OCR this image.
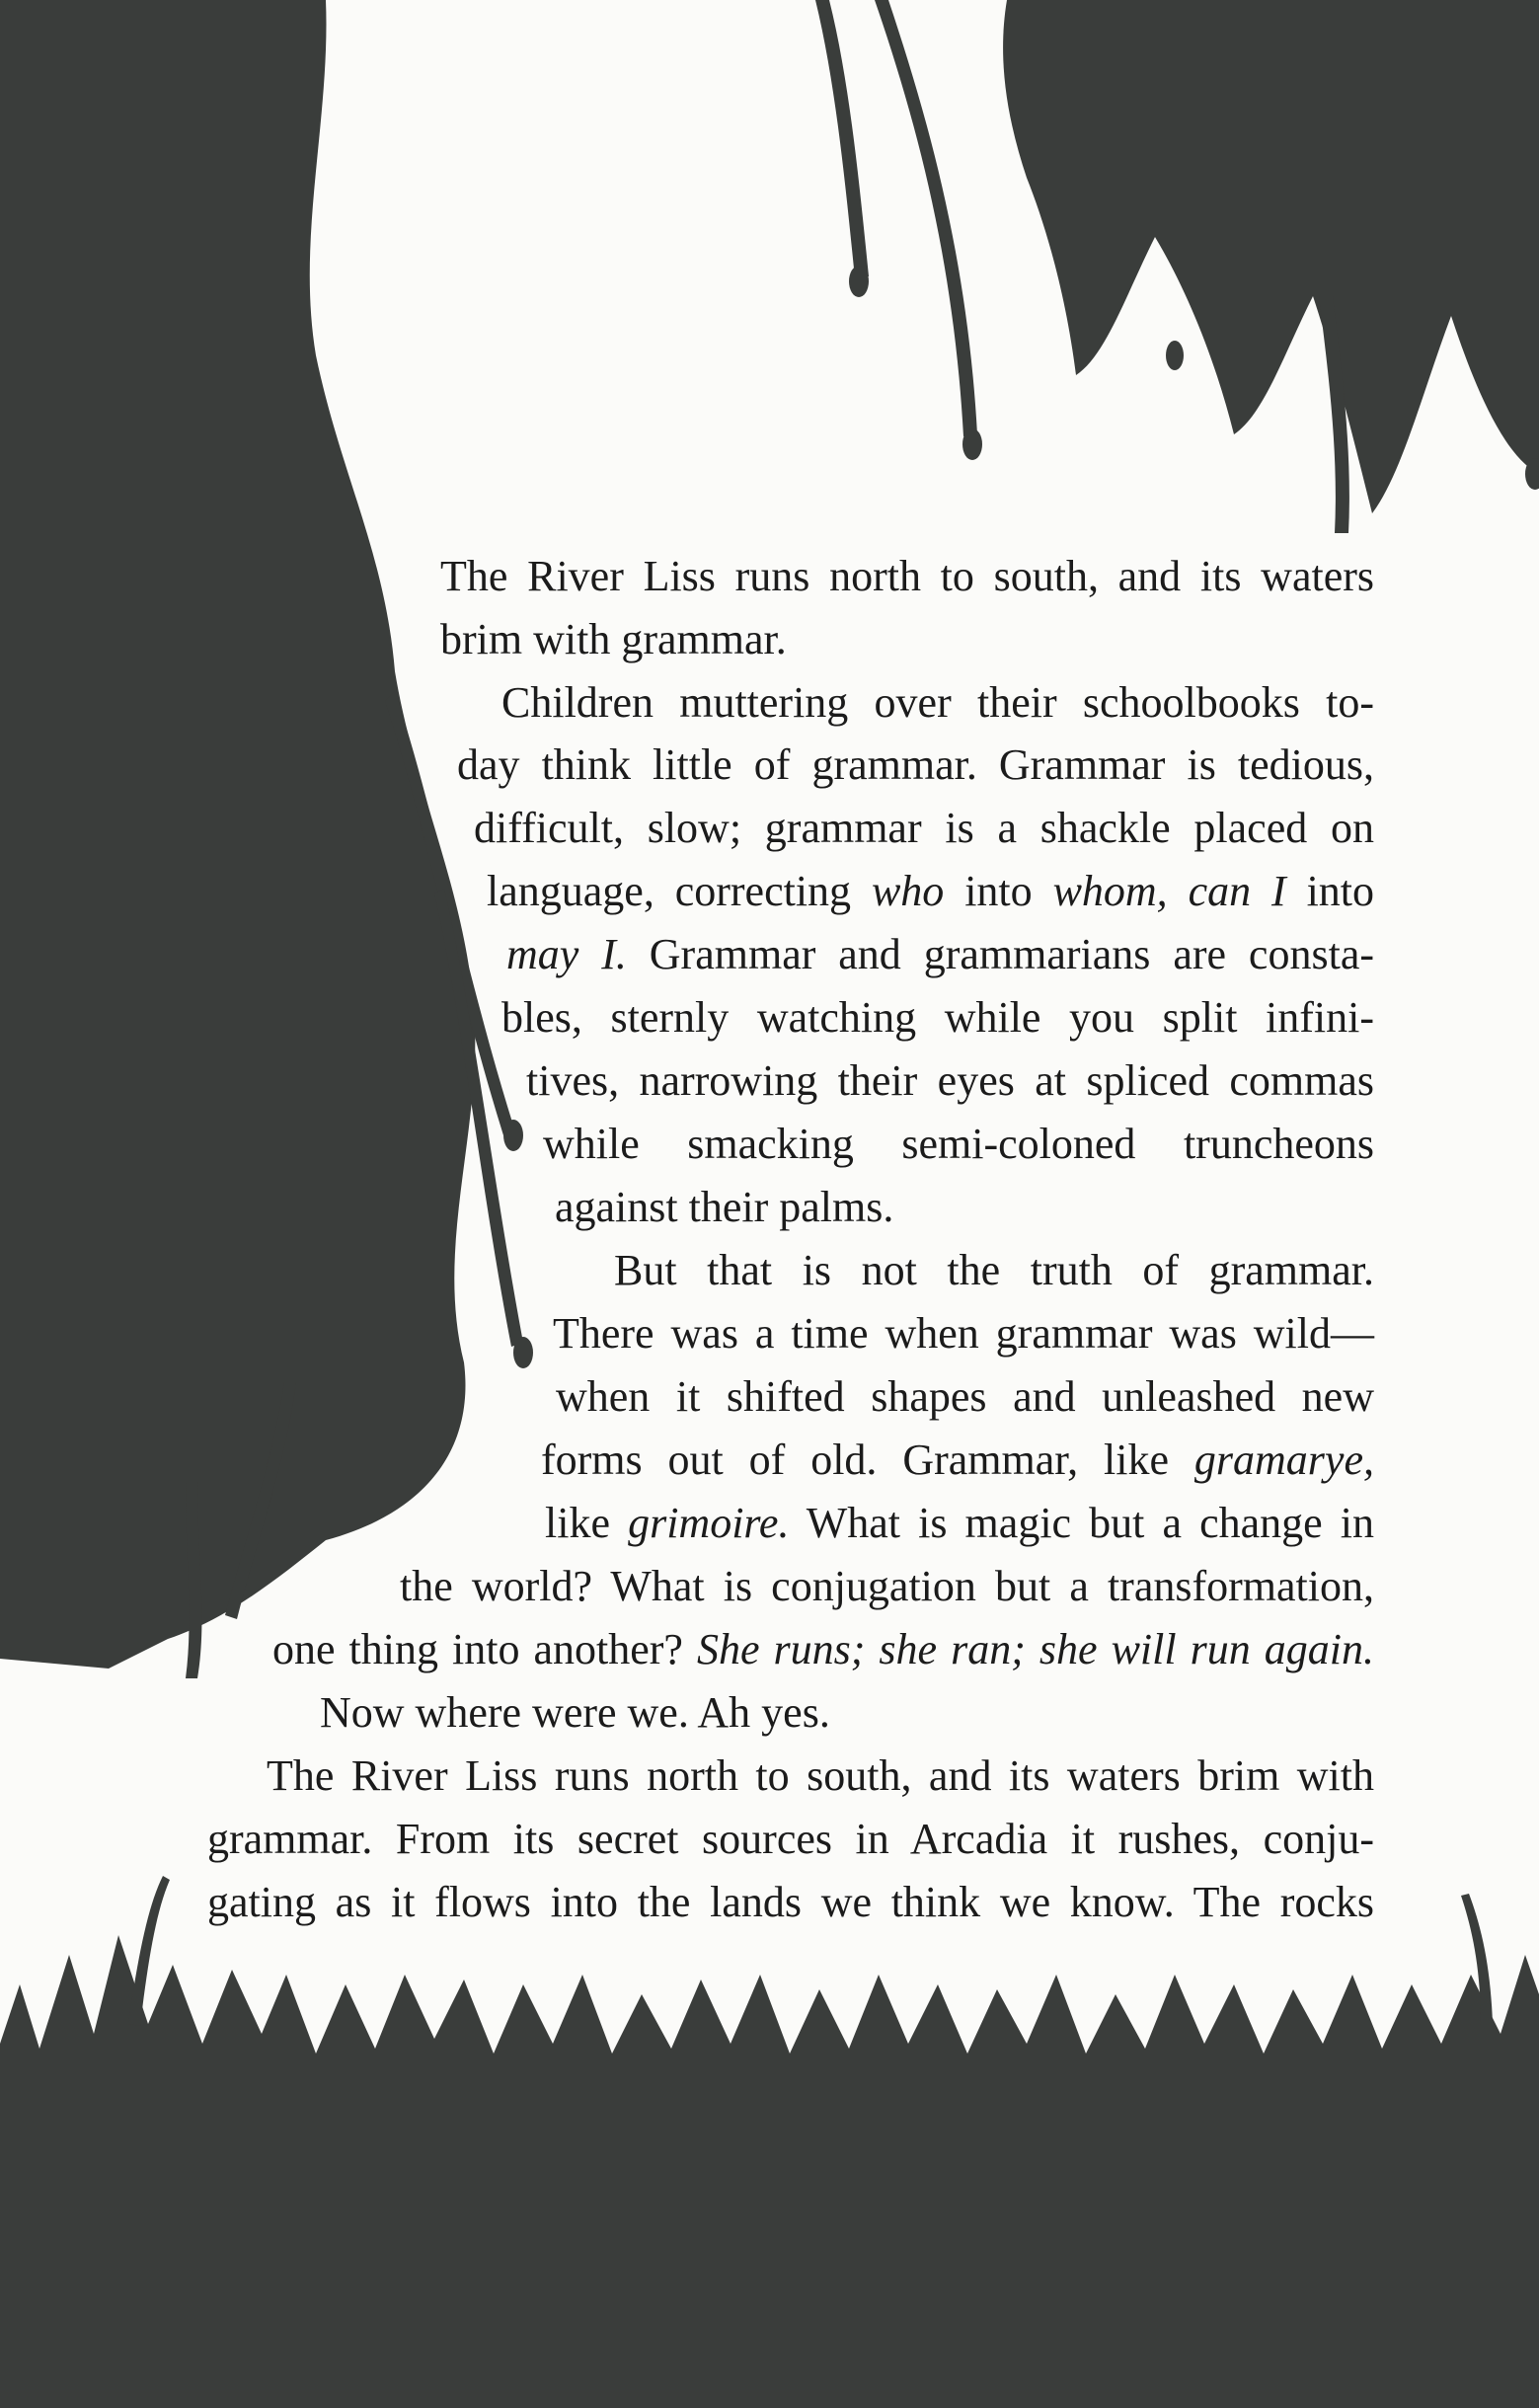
The River Liss runs north to south, and its waters
brim with grammar.
Children muttering over their schoolbooks to-
day think little of grammar. Grammar is tedious,
difficult, slow; grammar is a shackle placed on
language, correcting who into whom, can I into
may I. Grammar and grammarians are consta-
bles, sternly watching while you split infini-
tives, narrowing their eyes at spliced commas
while smacking semi-coloned truncheons
against their palms.
But that is not the truth of grammar.
There was a time when grammar was wild—
when it shifted shapes and unleashed new
forms out of old. Grammar, like gramarye,
like grimoire. What is magic but a change in
the world? What is conjugation but a transformation,
one thing into another? She runs; she ran; she will run again.
Now where were we. Ah yes.
The River Liss runs north to south, and its waters brim with
grammar. From its secret sources in Arcadia it rushes, conju-
gating as it flows into the lands we think we know. The rocks
